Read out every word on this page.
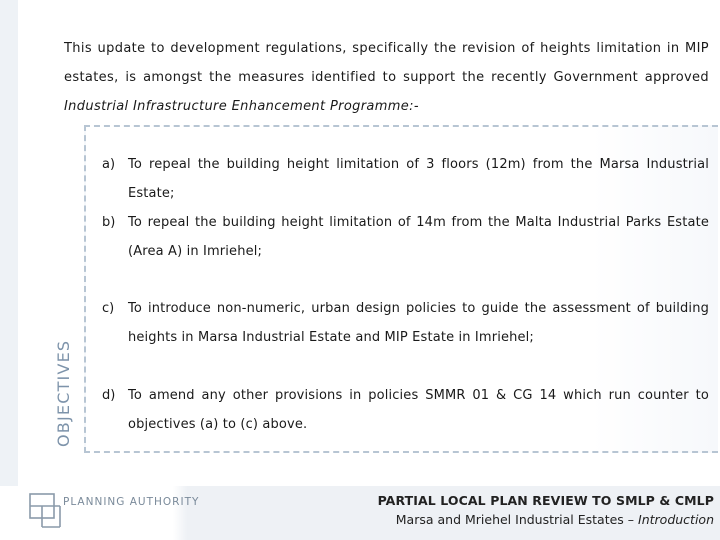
This update to development regulations, specifically the revision of heights limitation in MIP estates, is amongst the measures identified to support the recently Government approved Industrial Infrastructure Enhancement Programme:-

OBJECTIVES
a) To repeal the building height limitation of 3 floors (12m) from the Marsa Industrial Estate;
b) To repeal the building height limitation of 14m from the Malta Industrial Parks Estate (Area A) in Imriehel;
c) To introduce non-numeric, urban design policies to guide the assessment of building heights in Marsa Industrial Estate and MIP Estate in Imriehel;
d) To amend any other provisions in policies SMMR 01 & CG 14 which run counter to objectives (a) to (c) above.
PLANNING AUTHORITY	PARTIAL LOCAL PLAN REVIEW TO SMLP & CMLP
Marsa and Mriehel Industrial Estates – Introduction
